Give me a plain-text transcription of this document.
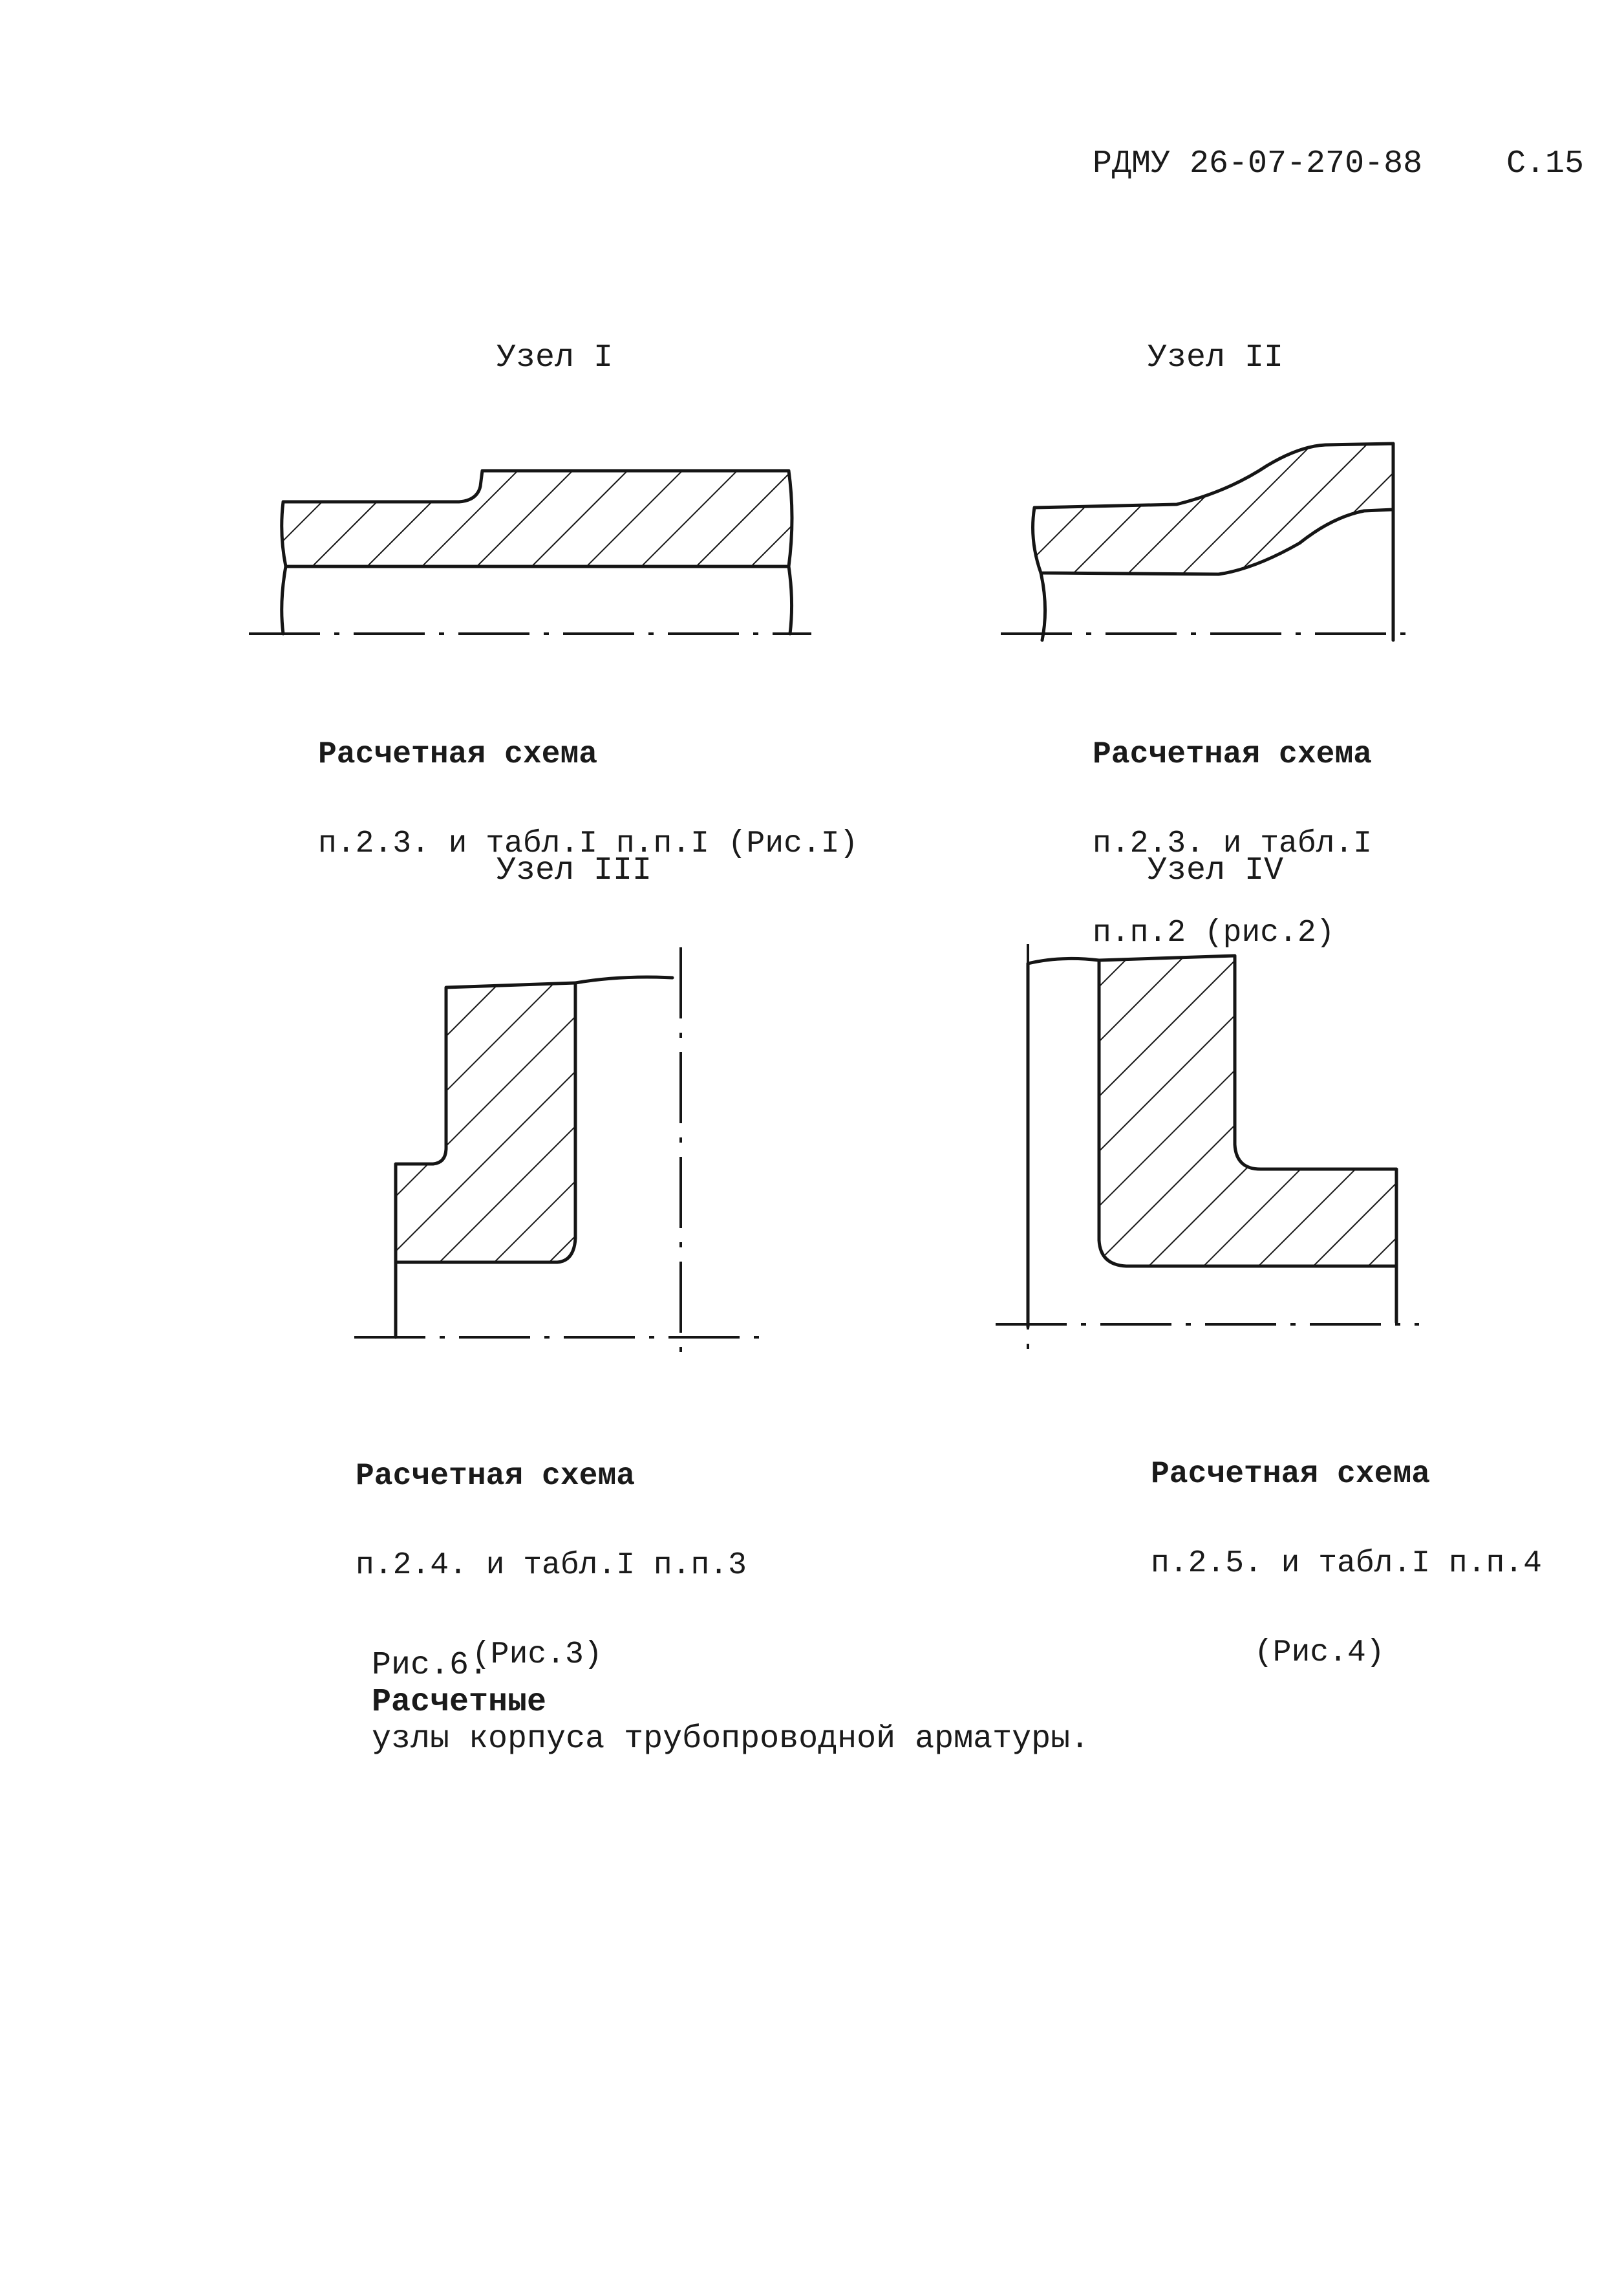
РДМУ 26-07-270-88	С.15
Узел I	Узел II
Узел III	Узел IV

Расчетная схема

п.2.3. и табл.I п.п.I (Рис.I)

Расчетная схема

п.2.3. и табл.I

п.п.2 (рис.2)

Расчетная схема

п.2.4. и табл.I п.п.3

(Рис.3)

Расчетная схема

п.2.5. и табл.I п.п.4

(Рис.4)

Рис.6.
Расчетные
узлы корпуса трубопроводной арматуры.
